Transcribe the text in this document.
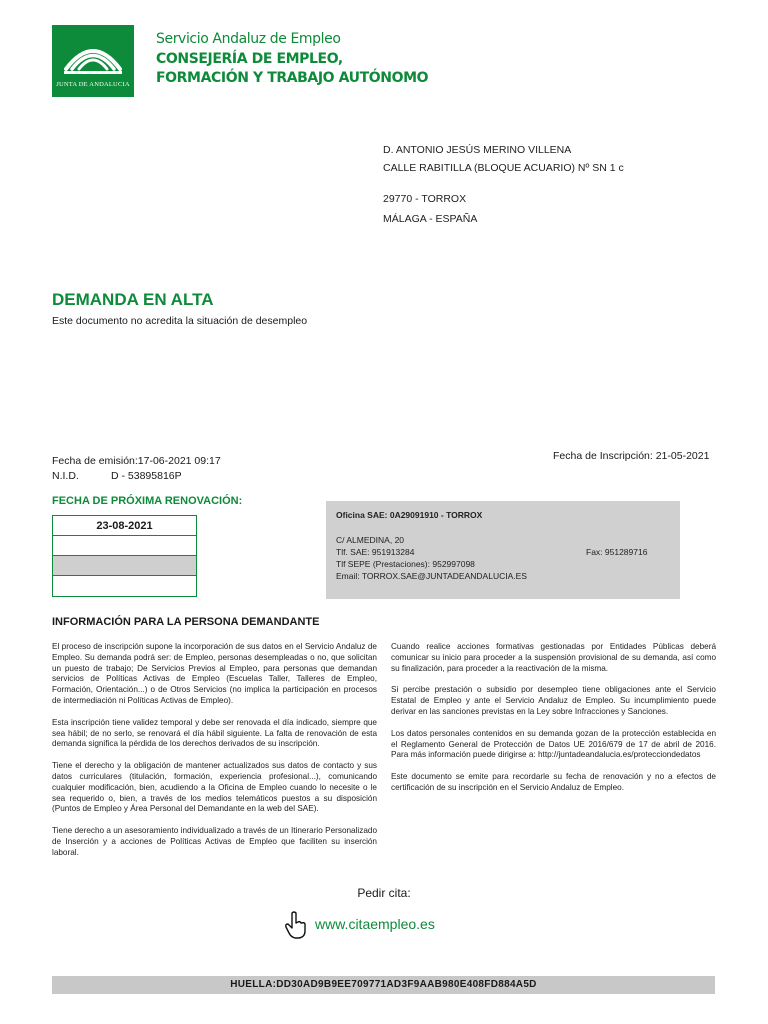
JUNTA DE ANDALUCIA
Servicio Andaluz de Empleo
CONSEJERÍA DE EMPLEO,
FORMACIÓN Y TRABAJO AUTÓNOMO
D. ANTONIO JESÚS MERINO VILLENA
CALLE RABITILLA (BLOQUE ACUARIO) Nº SN 1 c
29770 - TORROX
MÁLAGA - ESPAÑA
DEMANDA EN ALTA
Este documento no acredita la situación de desempleo
Fecha de emisión:17-06-2021 09:17
N.I.D.	D - 53895816P
Fecha de Inscripción: 21-05-2021
FECHA DE PRÓXIMA RENOVACIÓN:
23-08-2021
Oficina SAE: 0A29091910 - TORROX
C/ ALMEDINA, 20
Tlf. SAE: 951913284	Fax: 951289716
Tlf SEPE (Prestaciones): 952997098
Email: TORROX.SAE@JUNTADEANDALUCIA.ES
INFORMACIÓN PARA LA PERSONA DEMANDANTE

El proceso de inscripción supone la incorporación de sus datos en el Servicio Andaluz de Empleo. Su demanda podrá ser: de Empleo, personas desempleadas o no, que solicitan un puesto de trabajo; De Servicios Previos al Empleo, para personas que demandan servicios de Políticas Activas de Empleo (Escuelas Taller, Talleres de Empleo, Formación, Orientación...) o de Otros Servicios (no implica la participación en procesos de intermediación ni Políticas Activas de Empleo).

Esta inscripción tiene validez temporal y debe ser renovada el día indicado, siempre que sea hábil; de no serlo, se renovará el día hábil siguiente. La falta de renovación de esta demanda significa la pérdida de los derechos derivados de su inscripción.

Tiene el derecho y la obligación de mantener actualizados sus datos de contacto y sus datos curriculares (titulación, formación, experiencia profesional...), comunicando cualquier modificación, bien, acudiendo a la Oficina de Empleo cuando lo necesite o le sea requerido o, bien, a través de los medios telemáticos puestos a su disposición (Puntos de Empleo y Área Personal del Demandante en la web del SAE).

Tiene derecho a un asesoramiento individualizado a través de un Itinerario Personalizado de Inserción y a acciones de Políticas Activas de Empleo que faciliten su inserción laboral.

Cuando realice acciones formativas gestionadas por Entidades Públicas deberá comunicar su inicio para proceder a la suspensión provisional de su demanda, así como su finalización, para proceder a la reactivación de la misma.

Si percibe prestación o subsidio por desempleo tiene obligaciones ante el Servicio Estatal de Empleo y ante el Servicio Andaluz de Empleo. Su incumplimiento puede derivar en las sanciones previstas en la Ley sobre Infracciones y Sanciones.

Los datos personales contenidos en su demanda gozan de la protección establecida en el Reglamento General de Protección de Datos UE 2016/679 de 17 de abril de 2016. Para más información puede dirigirse a: http://juntadeandalucia.es/protecciondedatos

Este documento se emite para recordarle su fecha de renovación y no a efectos de certificación de su inscripción en el Servicio Andaluz de Empleo.

Pedir cita:
www.citaempleo.es
HUELLA:DD30AD9B9EE709771AD3F9AAB980E408FD884A5D
